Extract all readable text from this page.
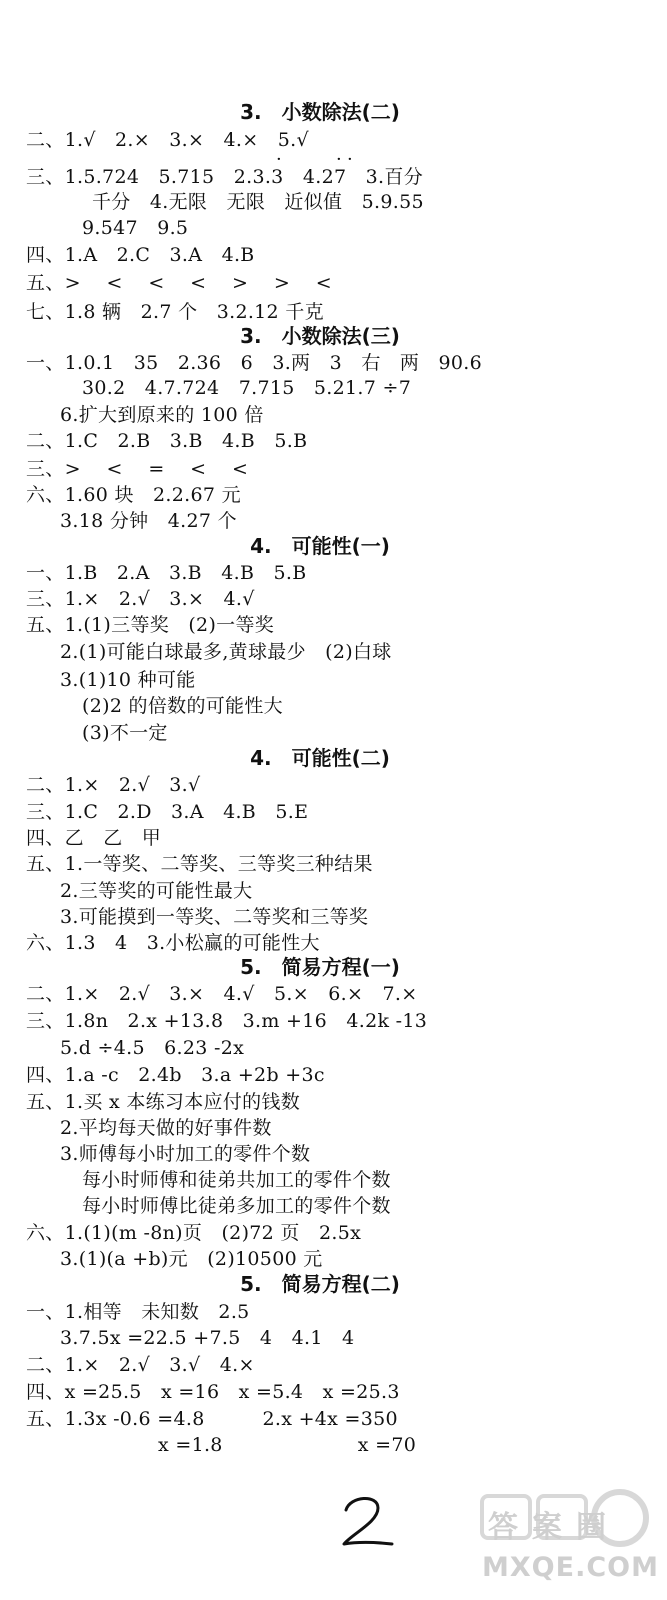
3.　小数除法(二)
二、1.√　2.×　3.×　4.×　5.√
三、1.5.724　5.715　2.3.3　4.27　3.百分
·	· ·
千分　4.无限　无限　近似值　5.9.55
9.547　9.5
四、1.A　2.C　3.A　4.B
五、>　 <　 <　 <　 >　 >　 <
七、1.8 辆　2.7 个　3.2.12 千克
3.　小数除法(三)
一、1.0.1　35　2.36　6　3.两　3　右　两　90.6
30.2　4.7.724　7.715　5.21.7 ÷7
6.扩大到原来的 100 倍
二、1.C　2.B　3.B　4.B　5.B
三、>　 <　 =　 <　 <
六、1.60 块　2.2.67 元
3.18 分钟　4.27 个
4.　可能性(一)
一、1.B　2.A　3.B　4.B　5.B
三、1.×　2.√　3.×　4.√
五、1.(1)三等奖　(2)一等奖
2.(1)可能白球最多,黄球最少　(2)白球
3.(1)10 种可能
(2)2 的倍数的可能性大
(3)不一定
4.　可能性(二)
二、1.×　2.√　3.√
三、1.C　2.D　3.A　4.B　5.E
四、乙　乙　甲
五、1.一等奖、二等奖、三等奖三种结果
2.三等奖的可能性最大
3.可能摸到一等奖、二等奖和三等奖
六、1.3　4　3.小松赢的可能性大
5.　简易方程(一)
二、1.×　2.√　3.×　4.√　5.×　6.×　7.×
三、1.8n　2.x +13.8　3.m +16　4.2k -13
5.d ÷4.5　6.23 -2x
四、1.a -c　2.4b　3.a +2b +3c
五、1.买 x 本练习本应付的钱数
2.平均每天做的好事件数
3.师傅每小时加工的零件个数
每小时师傅和徒弟共加工的零件个数
每小时师傅比徒弟多加工的零件个数
六、1.(1)(m -8n)页　(2)72 页　2.5x
3.(1)(a +b)元　(2)10500 元
5.　简易方程(二)
一、1.相等　未知数　2.5
3.7.5x =22.5 +7.5　4　4.1　4
二、1.×　2.√　3.√　4.×
四、x =25.5　x =16　x =5.4　x =25.3
五、1.3x -0.6 =4.8　　　2.x +4x =350
x =1.8　　　　　　　x =70
答案圈
MXQE.COM
